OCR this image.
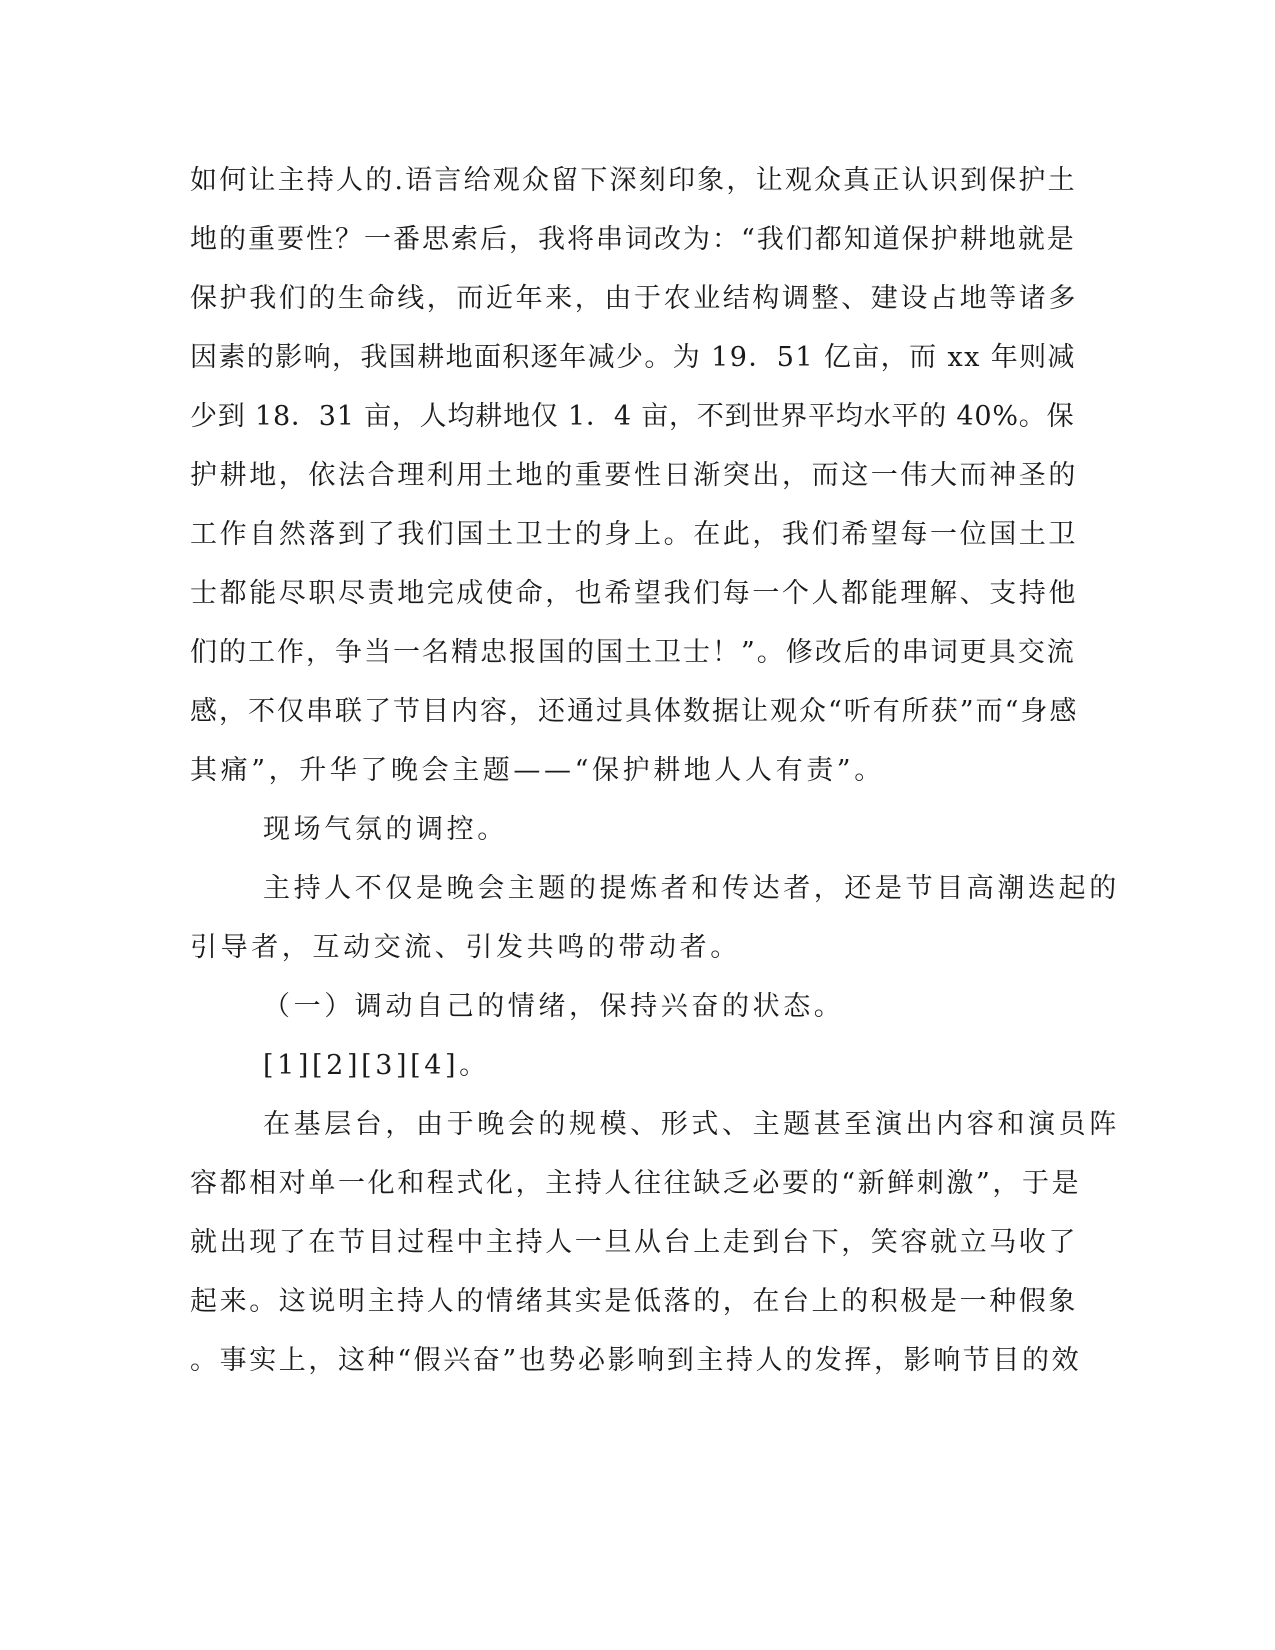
如何让主持人的.语言给观众留下深刻印象，让观众真正认识到保护土
地的重要性？一番思索后，我将串词改为：“我们都知道保护耕地就是
保护我们的生命线，而近年来，由于农业结构调整、建设占地等诸多
因素的影响，我国耕地面积逐年减少。为 19．51 亿亩，而 xx 年则减
少到 18．31 亩，人均耕地仅 1．4 亩，不到世界平均水平的 40%。保
护耕地，依法合理利用土地的重要性日渐突出，而这一伟大而神圣的
工作自然落到了我们国土卫士的身上。在此，我们希望每一位国土卫
士都能尽职尽责地完成使命，也希望我们每一个人都能理解、支持他
们的工作，争当一名精忠报国的国土卫士！”。修改后的串词更具交流
感，不仅串联了节目内容，还通过具体数据让观众“听有所获”而“身感
其痛”，升华了晚会主题——“保护耕地人人有责”。
现场气氛的调控。
主持人不仅是晚会主题的提炼者和传达者，还是节目高潮迭起的
引导者，互动交流、引发共鸣的带动者。
（一）调动自己的情绪，保持兴奋的状态。
[1][2][3][4]。
在基层台，由于晚会的规模、形式、主题甚至演出内容和演员阵
容都相对单一化和程式化，主持人往往缺乏必要的“新鲜刺激”，于是
就出现了在节目过程中主持人一旦从台上走到台下，笑容就立马收了
起来。这说明主持人的情绪其实是低落的，在台上的积极是一种假象
。事实上，这种“假兴奋”也势必影响到主持人的发挥，影响节目的效
